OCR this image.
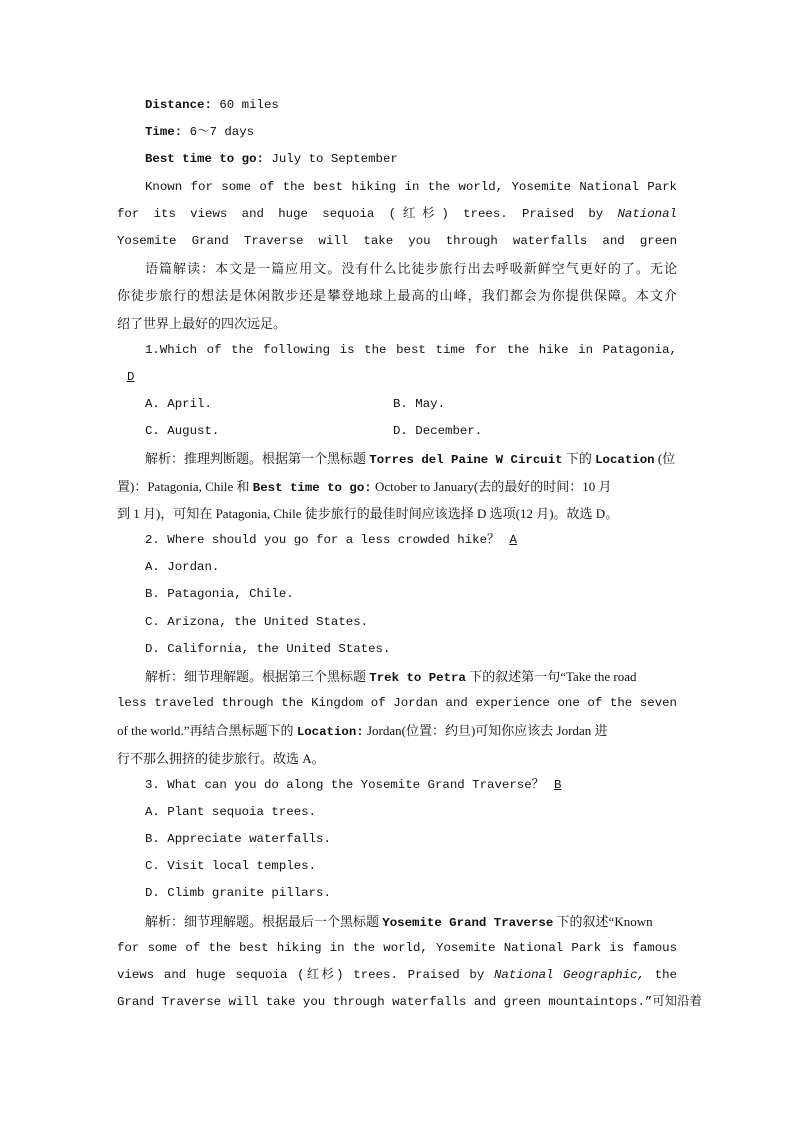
Distance: 60 miles
Time: 6～7 days
Best time to go: July to September
Known for some of the best hiking in the world, Yosemite National Park
for its views and huge sequoia (红杉) trees. Praised by National
Yosemite Grand Traverse will take you through waterfalls and green
语篇解读：本文是一篇应用文。没有什么比徒步旅行出去呼吸新鲜空气更好的了。无论
你徒步旅行的想法是休闲散步还是攀登地球上最高的山峰，我们都会为你提供保障。本文介
绍了世界上最好的四次远足。
1.Which of the following is the best time for the hike in Patagonia,
D
A. April.	B. May.
C. August.	D. December.
解析：推理判断题。根据第一个黑标题 Torres del Paine W Circuit 下的 Location (位
置)：Patagonia, Chile 和 Best time to go: October to January(去的最好的时间：10 月
到 1 月)，可知在 Patagonia, Chile 徒步旅行的最佳时间应该选择 D 选项(12 月)。故选 D。
2. Where should you go for a less crowded hike？ A
A. Jordan.
B. Patagonia, Chile.
C. Arizona, the United States.
D. California, the United States.
解析：细节理解题。根据第三个黑标题 Trek to Petra 下的叙述第一句“Take the road
less traveled through the Kingdom of Jordan and experience one of the seven
of the world.”再结合黑标题下的 Location: Jordan(位置：约旦)可知你应该去 Jordan 进
行不那么拥挤的徒步旅行。故选 A。
3. What can you do along the Yosemite Grand Traverse？ B
A. Plant sequoia trees.
B. Appreciate waterfalls.
C. Visit local temples.
D. Climb granite pillars.
解析：细节理解题。根据最后一个黑标题 Yosemite Grand Traverse 下的叙述“Known
for some of the best hiking in the world, Yosemite National Park is famous
views and huge sequoia (红杉) trees. Praised by National Geographic, the
Grand Traverse will take you through waterfalls and green mountaintops.”可知沿着
